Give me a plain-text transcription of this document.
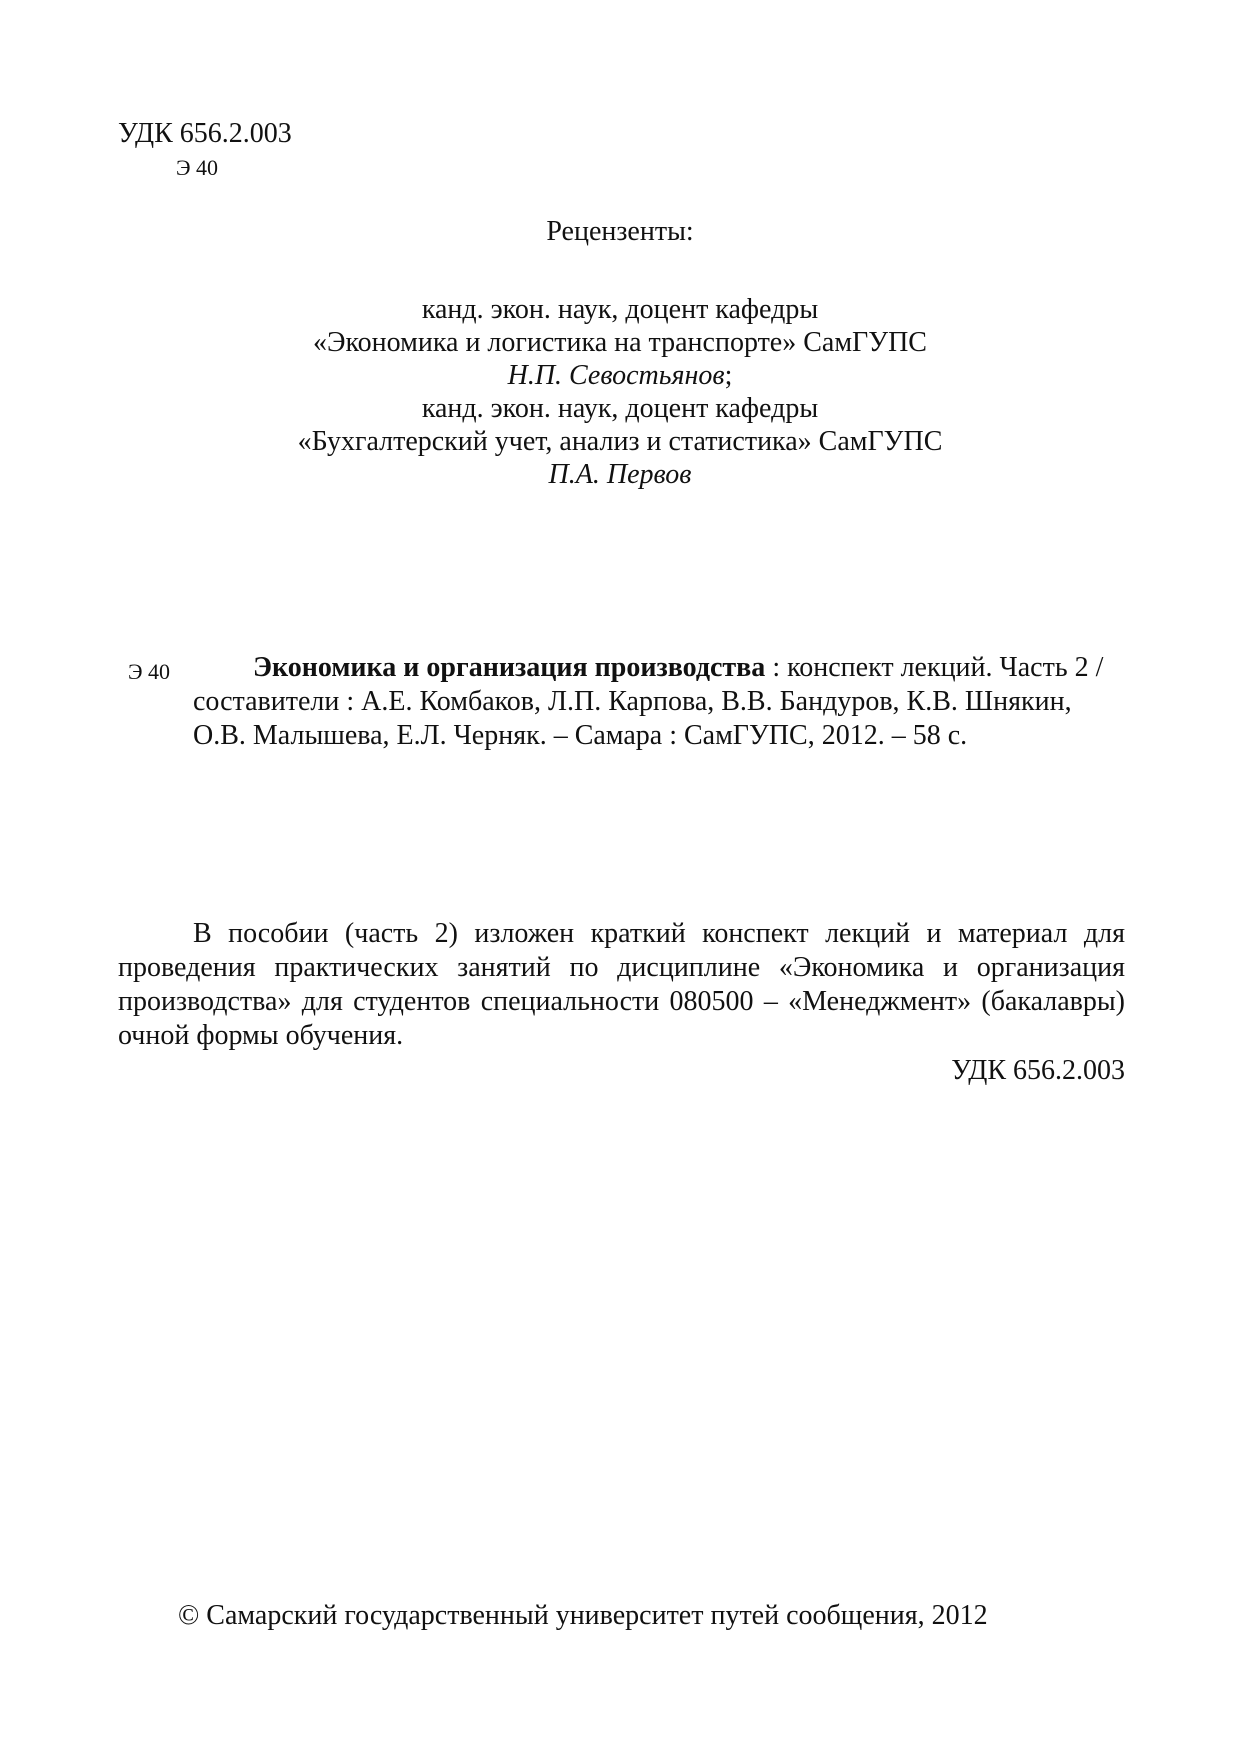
УДК 656.2.003
Э 40
Рецензенты:
канд. экон. наук, доцент кафедры
«Экономика и логистика на транспорте» СамГУПС
Н.П. Севостьянов;
канд. экон. наук, доцент кафедры
«Бухгалтерский учет, анализ и статистика» СамГУПС
П.А. Первов
Э 40	Экономика и организация производства : конспект лекций. Часть 2 /
составители : А.Е. Комбаков, Л.П. Карпова, В.В. Бандуров, К.В. Шнякин,
О.В. Малышева, Е.Л. Черняк. – Самара : СамГУПС, 2012. – 58 с.

В пособии (часть 2) изложен краткий конспект лекций и материал для проведения практических занятий по дисциплине «Экономика и организация производства» для студентов специальности 080500 – «Менеджмент» (бакалавры) очной формы обучения.

УДК 656.2.003
© Самарский государственный университет путей сообщения, 2012
